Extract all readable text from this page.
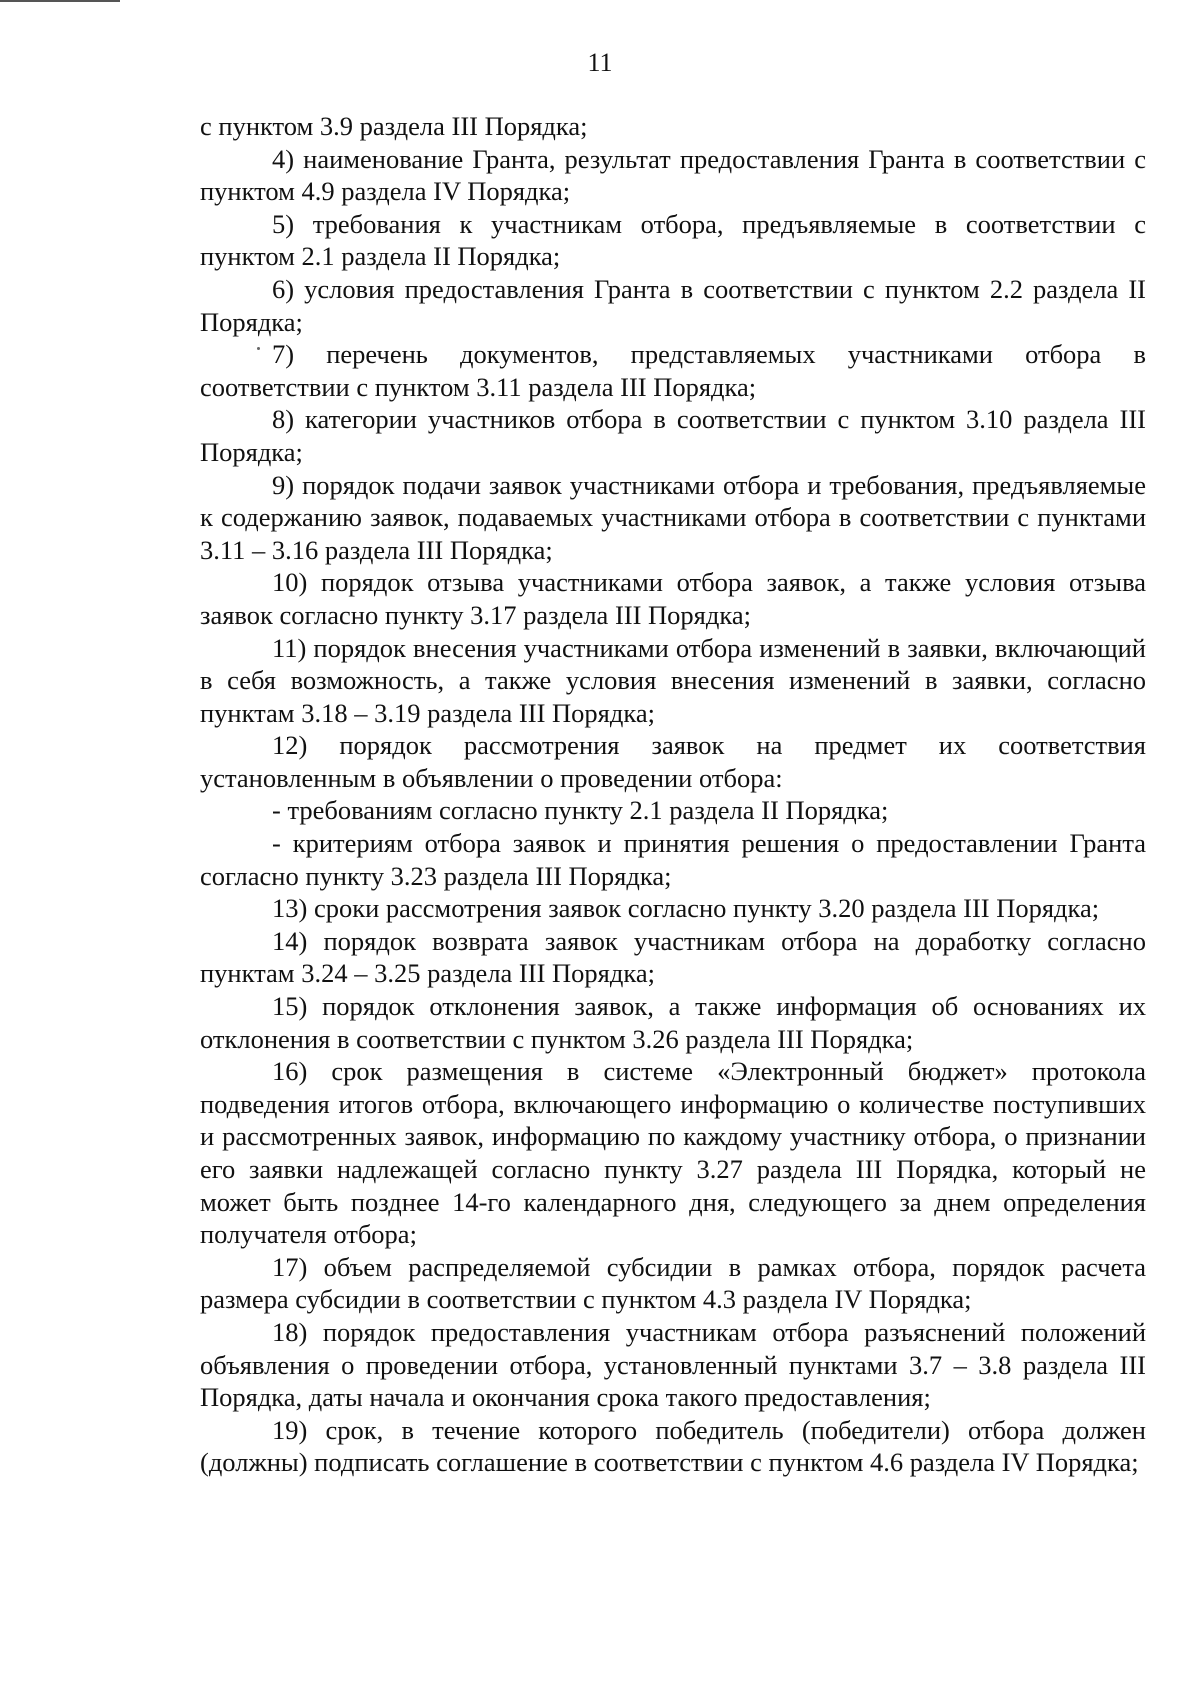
11

с пунктом 3.9 раздела III Порядка;

4) наименование Гранта, результат предоставления Гранта в соответствии с пунктом 4.9 раздела IV Порядка;

5) требования к участникам отбора, предъявляемые в соответствии с пунктом 2.1 раздела II Порядка;

6) условия предоставления Гранта в соответствии с пунктом 2.2 раздела II Порядка;

7) перечень документов, представляемых участниками отбора в соответствии с пунктом 3.11 раздела III Порядка;

8) категории участников отбора в соответствии с пунктом 3.10 раздела III Порядка;

9) порядок подачи заявок участниками отбора и требования, предъявляемые к содержанию заявок, подаваемых участниками отбора в соответствии с пунктами 3.11 – 3.16 раздела III Порядка;

10) порядок отзыва участниками отбора заявок, а также условия отзыва заявок согласно пункту 3.17 раздела III Порядка;

11) порядок внесения участниками отбора изменений в заявки, включающий в себя возможность, а также условия внесения изменений в заявки, согласно пунктам 3.18 – 3.19 раздела III Порядка;

12) порядок рассмотрения заявок на предмет их соответствия установленным в объявлении о проведении отбора:

- требованиям согласно пункту 2.1 раздела II Порядка;

- критериям отбора заявок и принятия решения о предоставлении Гранта согласно пункту 3.23 раздела III Порядка;

13) сроки рассмотрения заявок согласно пункту 3.20 раздела III Порядка;

14) порядок возврата заявок участникам отбора на доработку согласно пунктам 3.24 – 3.25 раздела III Порядка;

15) порядок отклонения заявок, а также информация об основаниях их отклонения в соответствии с пунктом 3.26 раздела III Порядка;

16) срок размещения в системе «Электронный бюджет» протокола подведения итогов отбора, включающего информацию о количестве поступивших и рассмотренных заявок, информацию по каждому участнику отбора, о признании его заявки надлежащей согласно пункту 3.27 раздела III Порядка, который не может быть позднее 14-го календарного дня, следующего за днем определения получателя отбора;

17) объем распределяемой субсидии в рамках отбора, порядок расчета размера субсидии в соответствии с пунктом 4.3 раздела IV Порядка;

18) порядок предоставления участникам отбора разъяснений положений объявления о проведении отбора, установленный пунктами 3.7 – 3.8 раздела III Порядка, даты начала и окончания срока такого предоставления;

19) срок, в течение которого победитель (победители) отбора должен (должны) подписать соглашение в соответствии с пунктом 4.6 раздела IV Порядка;
